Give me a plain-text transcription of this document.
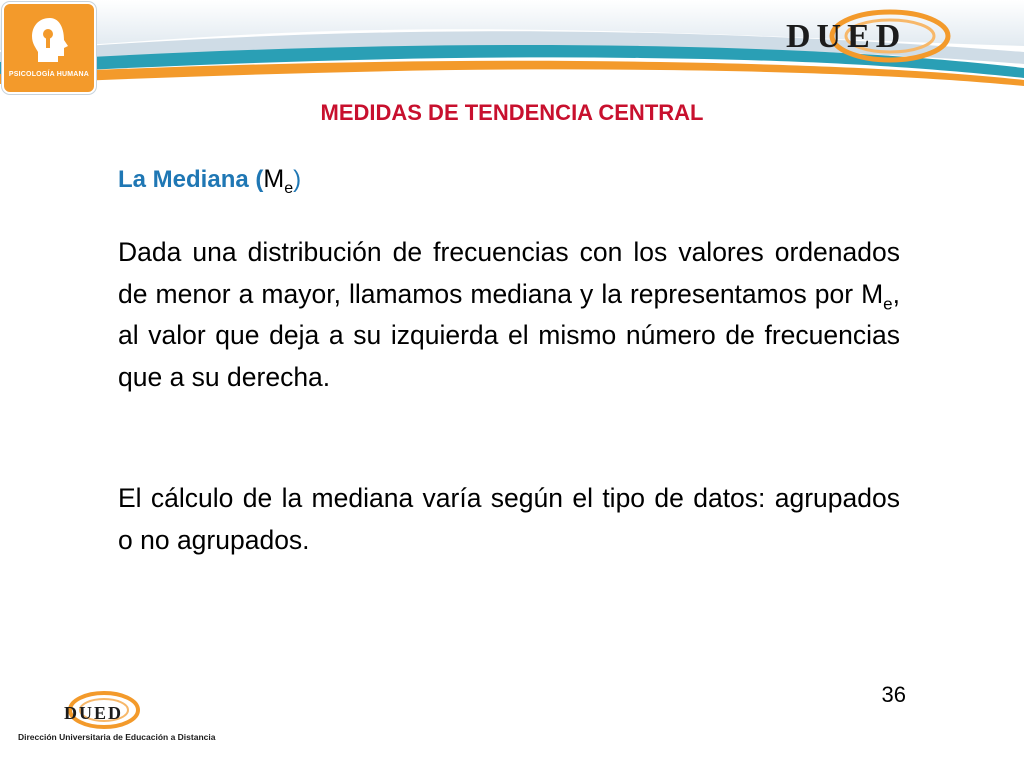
PSICOLOGÍA HUMANA
DUED
MEDIDAS DE TENDENCIA CENTRAL
La Mediana $(M_e)$

Dada una distribución de frecuencias con los valores ordenados de menor a mayor, llamamos mediana y la representamos por $M_e$, al valor que deja a su izquierda el mismo número de frecuencias que a su derecha.

El cálculo de la mediana varía según el tipo de datos: agrupados o no agrupados.

36
DUED
Dirección Universitaria de Educación a Distancia
